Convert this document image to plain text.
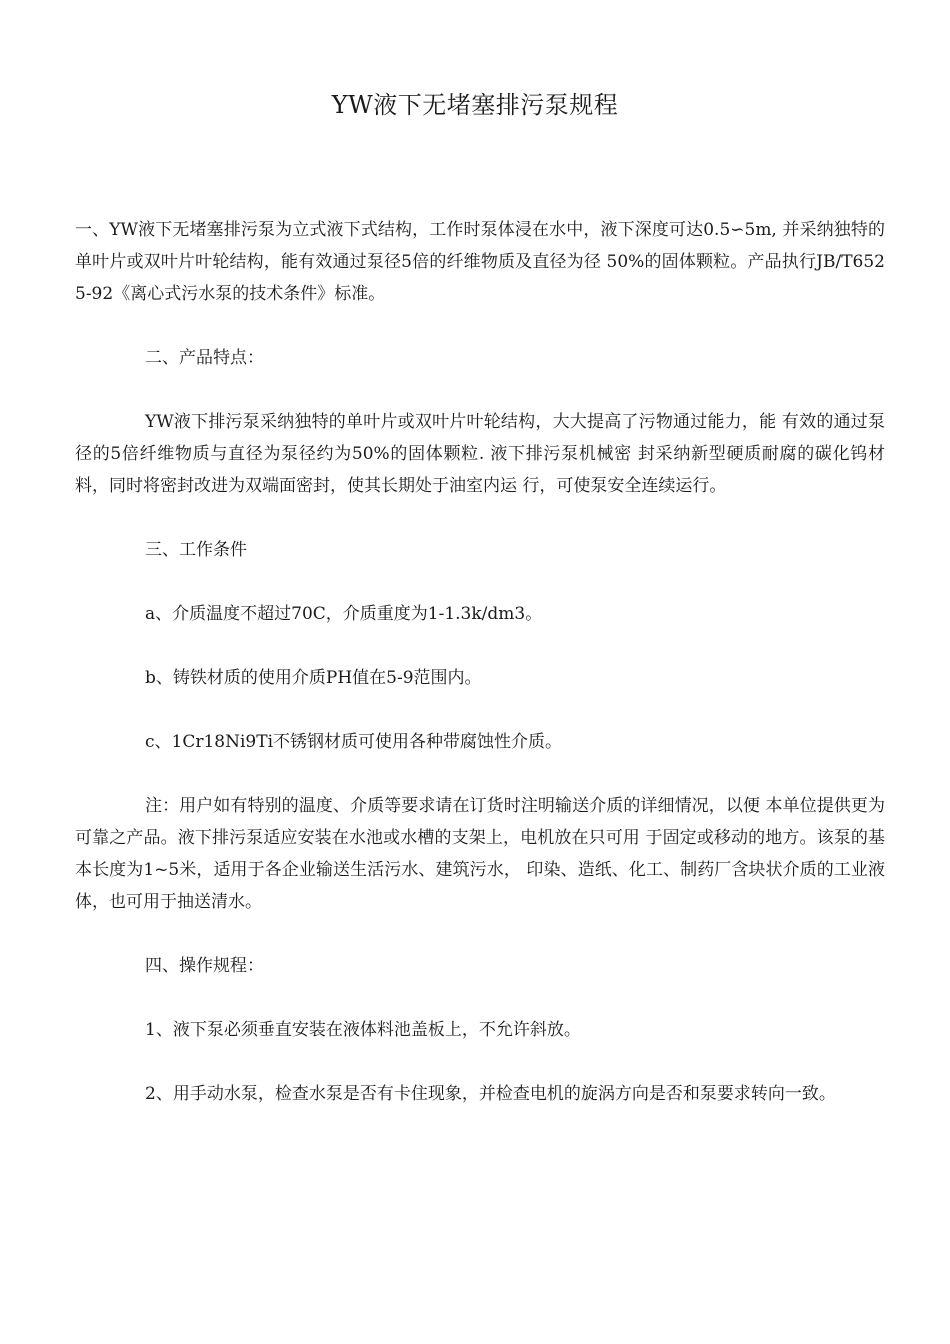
YW液下无堵塞排污泵规程

一、YW液下无堵塞排污泵为立式液下式结构，工作时泵体浸在水中，液下深度可达0.5∽5m, 并采纳独特的单叶片或双叶片叶轮结构，能有效通过泵径5倍的纤维物质及直径为径 50%的固体颗粒。产品执行JB/T6525-92《离心式污水泵的技术条件》标准。

二、产品特点：

YW液下排污泵采纳独特的单叶片或双叶片叶轮结构，大大提高了污物通过能力，能 有效的通过泵径的5倍纤维物质与直径为泵径约为50%的固体颗粒. 液下排污泵机械密 封采纳新型硬质耐腐的碳化钨材料，同时将密封改进为双端面密封，使其长期处于油室内运 行，可使泵安全连续运行。

三、工作条件

a、介质温度不超过70C，介质重度为1-1.3k/dm3。

b、铸铁材质的使用介质PH值在5-9范围内。

c、1Cr18Ni9Ti不锈钢材质可使用各种带腐蚀性介质。

注：用户如有特别的温度、介质等要求请在订货时注明输送介质的详细情况，以便 本单位提供更为可靠之产品。液下排污泵适应安装在水池或水槽的支架上，电机放在只可用 于固定或移动的地方。该泵的基本长度为1~5米，适用于各企业输送生活污水、建筑污水， 印染、造纸、化工、制药厂含块状介质的工业液体，也可用于抽送清水。

四、操作规程：

1、液下泵必须垂直安装在液体料池盖板上，不允许斜放。

2、用手动水泵，检查水泵是否有卡住现象，并检查电机的旋涡方向是否和泵要求转向一致。
